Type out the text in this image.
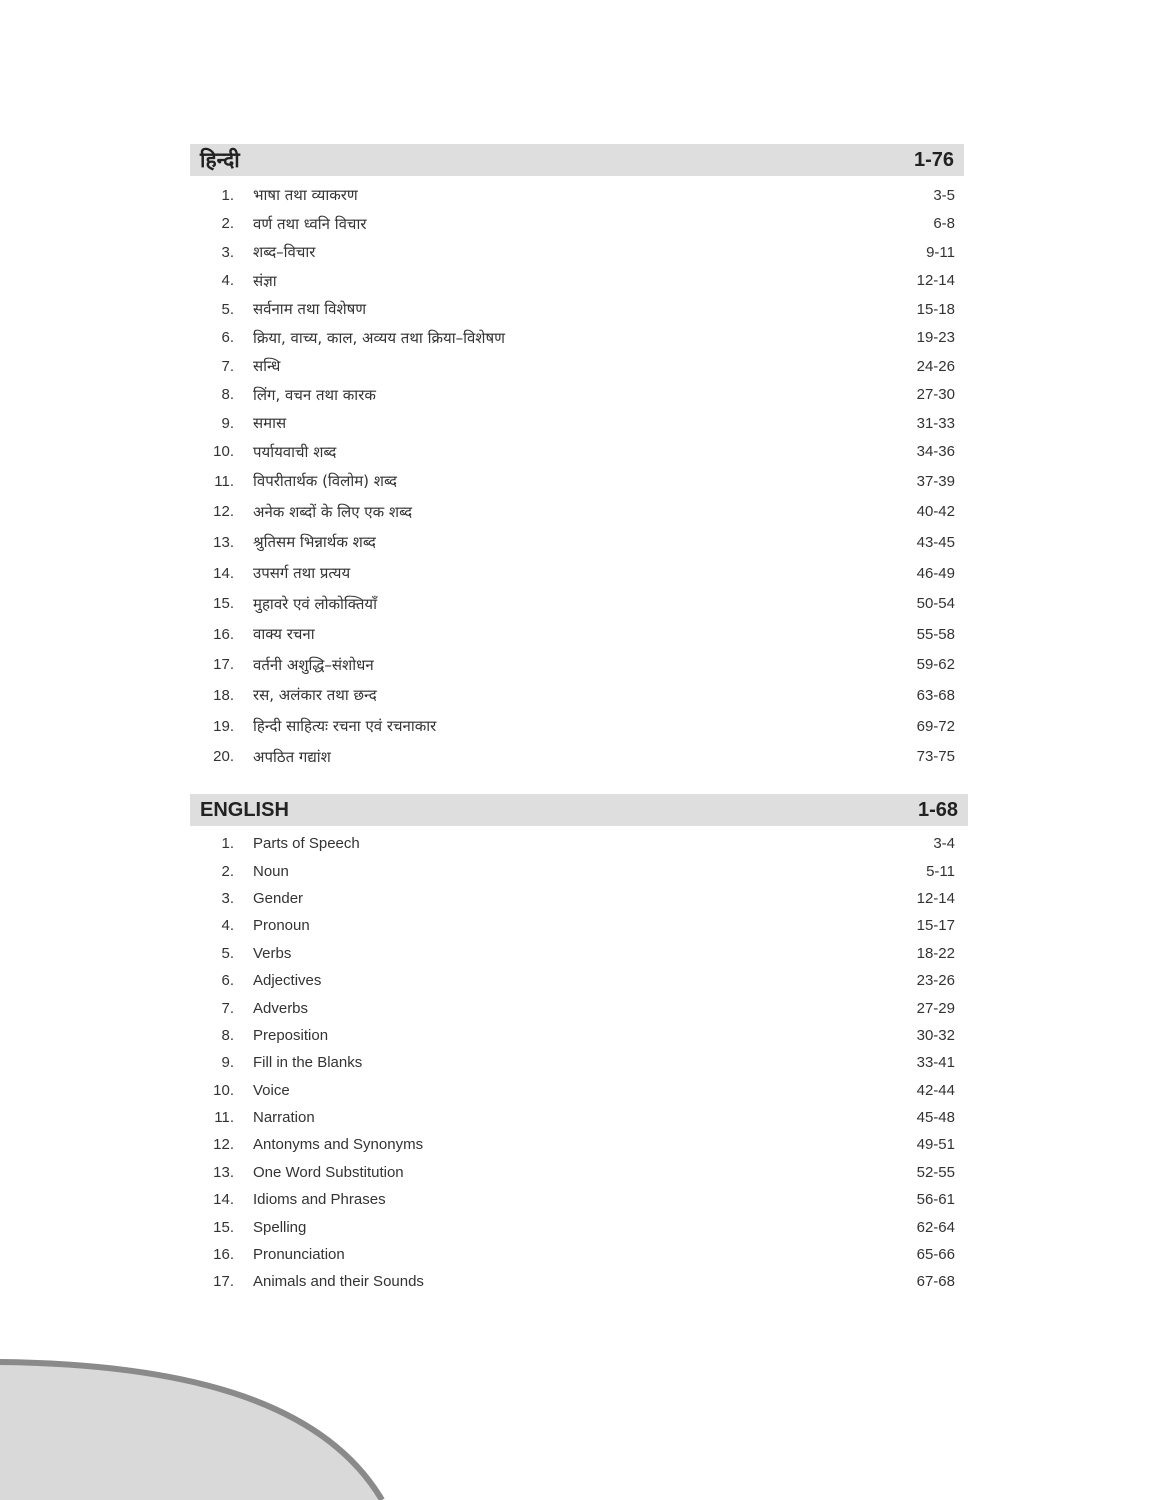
हिन्दी	1-76
1.	भाषा तथा व्याकरण	3-5
2.	वर्ण तथा ध्वनि विचार	6-8
3.	शब्द–विचार	9-11
4.	संज्ञा	12-14
5.	सर्वनाम तथा विशेषण	15-18
6.	क्रिया, वाच्य, काल, अव्यय तथा क्रिया–विशेषण	19-23
7.	सन्धि	24-26
8.	लिंग, वचन तथा कारक	27-30
9.	समास	31-33
10.	पर्यायवाची शब्द	34-36
11.	विपरीतार्थक (विलोम) शब्द	37-39
12.	अनेक शब्दों के लिए एक शब्द	40-42
13.	श्रुतिसम भिन्नार्थक शब्द	43-45
14.	उपसर्ग तथा प्रत्यय	46-49
15.	मुहावरे एवं लोकोक्तियाँ	50-54
16.	वाक्य रचना	55-58
17.	वर्तनी अशुद्धि–संशोधन	59-62
18.	रस, अलंकार तथा छन्द	63-68
19.	हिन्दी साहित्यः रचना एवं रचनाकार	69-72
20.	अपठित गद्यांश	73-75
ENGLISH	1-68
1.	Parts of Speech	3-4
2.	Noun	5-11
3.	Gender	12-14
4.	Pronoun	15-17
5.	Verbs	18-22
6.	Adjectives	23-26
7.	Adverbs	27-29
8.	Preposition	30-32
9.	Fill in the Blanks	33-41
10.	Voice	42-44
11.	Narration	45-48
12.	Antonyms and Synonyms	49-51
13.	One Word Substitution	52-55
14.	Idioms and Phrases	56-61
15.	Spelling	62-64
16.	Pronunciation	65-66
17.	Animals and their Sounds	67-68
